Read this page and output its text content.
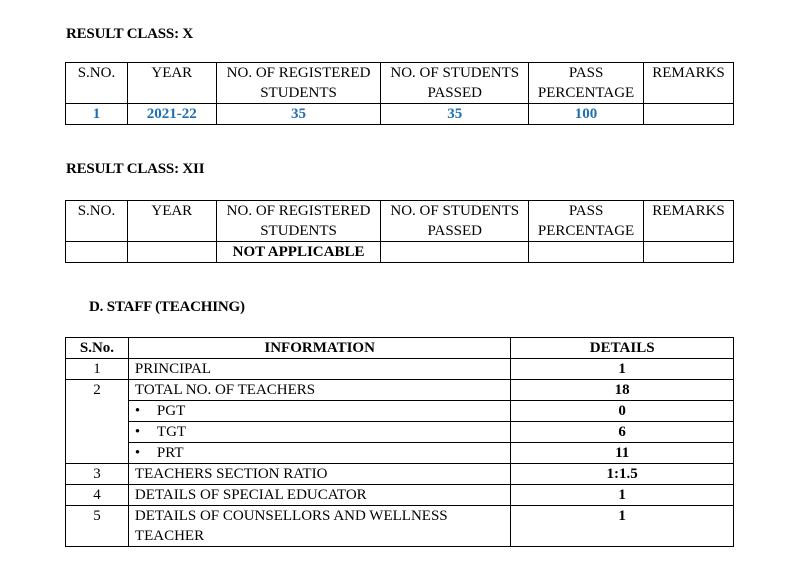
RESULT CLASS: X
S.NO.	YEAR	NO. OF REGISTERED STUDENTS	NO. OF STUDENTS PASSED	PASS PERCENTAGE	REMARKS
1	2021-22	35	35	100	
RESULT CLASS: XII
S.NO.	YEAR	NO. OF REGISTERED STUDENTS	NO. OF STUDENTS PASSED	PASS PERCENTAGE	REMARKS
		NOT APPLICABLE			
D. STAFF (TEACHING)
S.No.	INFORMATION	DETAILS
1	PRINCIPAL	1
2	TOTAL NO. OF TEACHERS	18
	• PGT	0
	• TGT	6
	• PRT	11
3	TEACHERS SECTION RATIO	1:1.5
4	DETAILS OF SPECIAL EDUCATOR	1
5	DETAILS OF COUNSELLORS AND WELLNESS TEACHER	1
